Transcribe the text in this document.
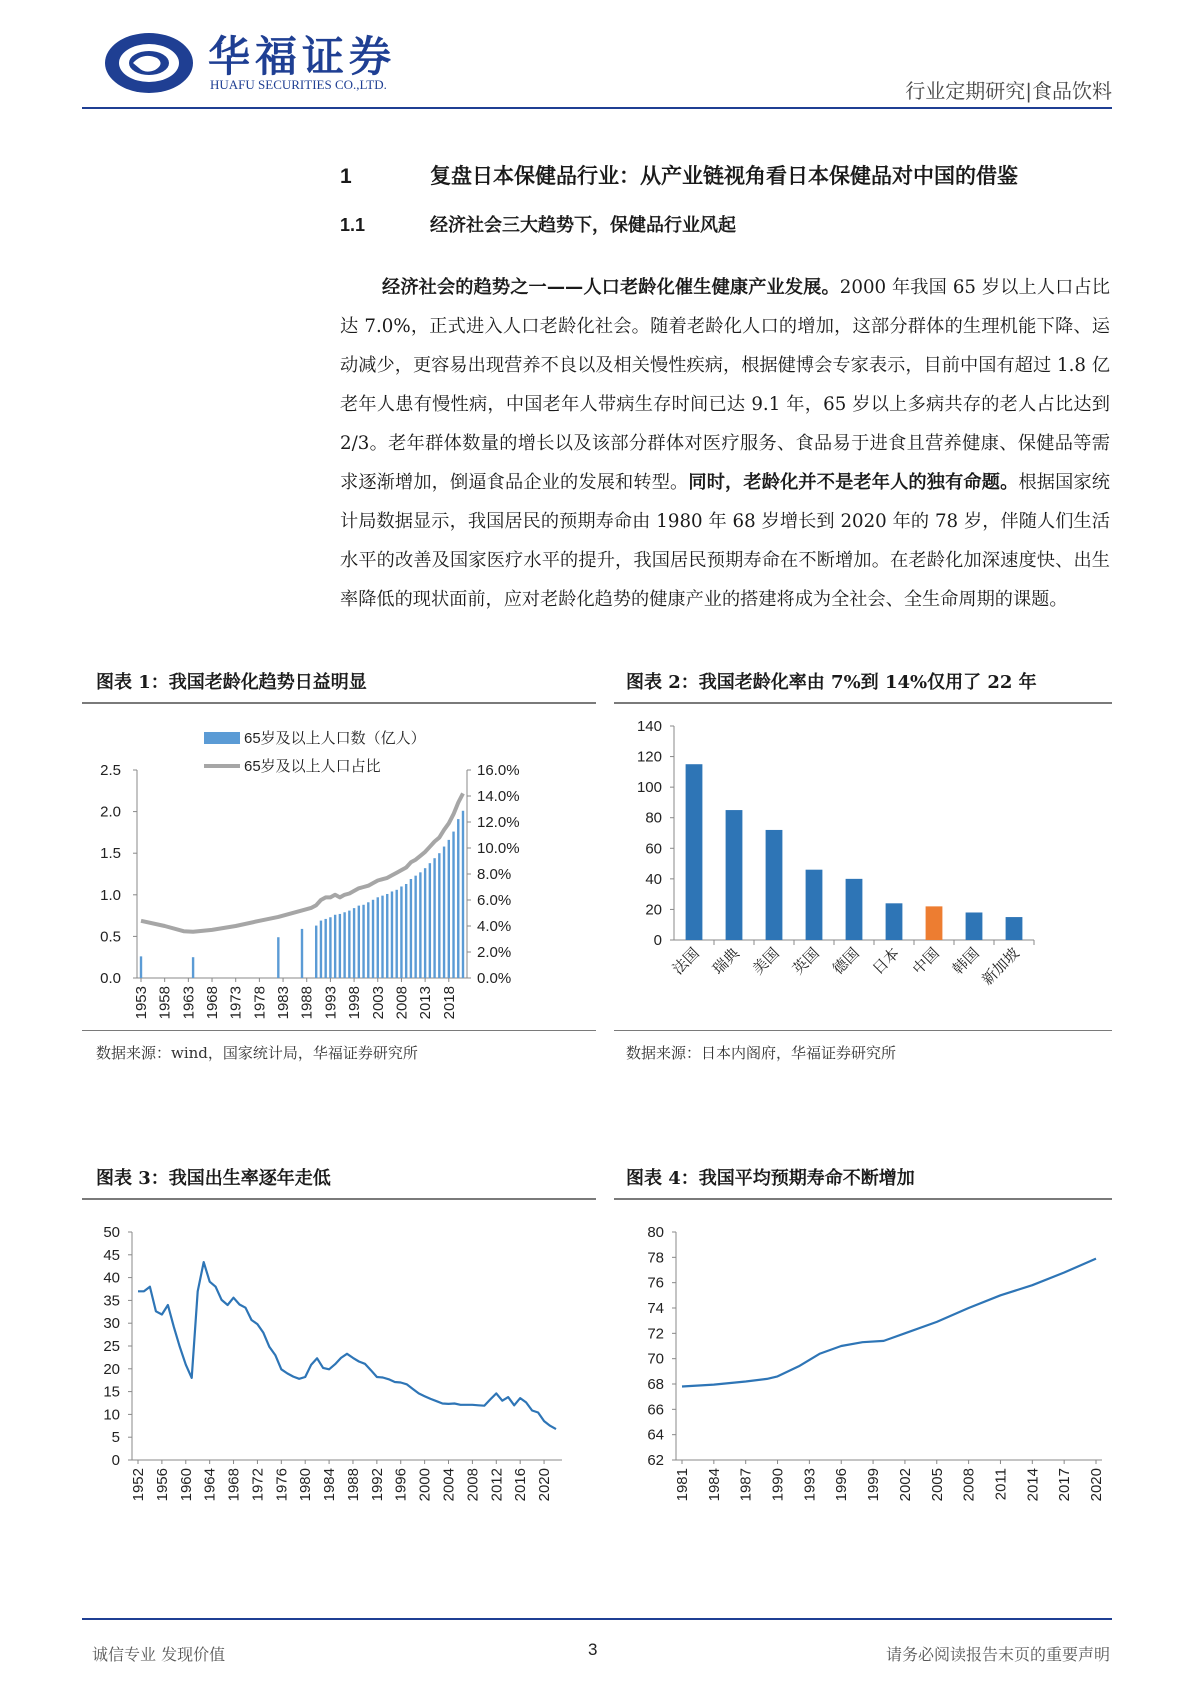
华福证券
HUAFU SECURITIES CO.,LTD.	行业定期研究|食品饮料
1	复盘日本保健品行业：从产业链视角看日本保健品对中国的借鉴
1.1	经济社会三大趋势下，保健品行业风起

经济社会的趋势之一——人口老龄化催生健康产业发展。2000 年我国 65 岁以上人口占比达 7.0%，正式进入人口老龄化社会。随着老龄化人口的增加，这部分群体的生理机能下降、运动减少，更容易出现营养不良以及相关慢性疾病，根据健博会专家表示，目前中国有超过 1.8 亿老年人患有慢性病，中国老年人带病生存时间已达 9.1 年，65 岁以上多病共存的老人占比达到 2/3。老年群体数量的增长以及该部分群体对医疗服务、食品易于进食且营养健康、保健品等需求逐渐增加，倒逼食品企业的发展和转型。同时，老龄化并不是老年人的独有命题。根据国家统计局数据显示，我国居民的预期寿命由 1980 年 68 岁增长到 2020 年的 78 岁，伴随人们生活水平的改善及国家医疗水平的提升，我国居民预期寿命在不断增加。在老龄化加深速度快、出生率降低的现状面前，应对老龄化趋势的健康产业的搭建将成为全社会、全生命周期的课题。

图表 1：我国老龄化趋势日益明显
0.0
0.5
1.0
1.5
2.0
2.5
0.0%
2.0%
4.0%
6.0%
8.0%
10.0%
12.0%
14.0%
16.0%
1953 1958 1963 1968 1973 1978 1983 1988 1993 1998 2003 2008 2013 2018
65岁及以上人口数（亿人）
65岁及以上人口占比
数据来源：wind，国家统计局，华福证券研究所
图表 2：我国老龄化率由 7%到 14%仅用了 22 年
0
20
40
60
80
100
120
140
法国 瑞典 美国 英国 德国 日本 中国 韩国
新加坡
数据来源：日本内阁府，华福证券研究所
图表 3：我国出生率逐年走低
0
5
10
15
20
25
30
35
40
45
50
1952 1956 1960 1964 1968 1972 1976 1980 1984 1988 1992 1996 2000 2004 2008 2012 2016 2020
图表 4：我国平均预期寿命不断增加
62
64
66
68
70
72
74
76
78
80
1981 1984 1987 1990 1993 1996 1999 2002 2005 2008 2011 2014 2017 2020
诚信专业 发现价值	3	请务必阅读报告末页的重要声明
